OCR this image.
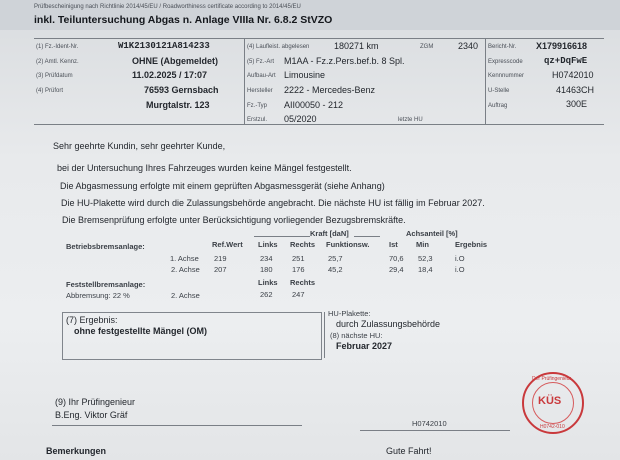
Prüfbescheinigung nach Richtlinie 2014/45/EU / Roadworthiness certificate according to 2014/45/EU
inkl. Teiluntersuchung Abgas n. Anlage VIIIa Nr. 6.8.2 StVZO
(1) Fz.-Ident-Nr.	W1K2130121A814233
(2) Amtl. Kennz.	OHNE (Abgemeldet)
(3) Prüfdatum	11.02.2025 / 17:07
(4) Prüfort	76593 Gernsbach
Murgtalstr. 123
(4) Laufleist. abgelesen	180271 km	ZGM	2340
(5) Fz.-Art M1AA - Fz.z.Pers.bef.b. 8 Spl.
Aufbau-Art Limousine
Hersteller 2222 - Mercedes-Benz
Fz.-Typ AII00050 - 212
Erstzul. 05/2020	letzte HU
Bericht-Nr. X179916618
Expresscode qz+DqFwE
Kennnummer	H0742010
U-Stelle	41463CH
Auftrag	300E
Sehr geehrte Kundin, sehr geehrter Kunde,
bei der Untersuchung Ihres Fahrzeuges wurden keine Mängel festgestellt.
Die Abgasmessung erfolgte mit einem geprüften Abgasmessgerät (siehe Anhang)
Die HU-Plakette wird durch die Zulassungsbehörde angebracht. Die nächste HU ist fällig im Februar 2027.
Die Bremsenprüfung erfolgte unter Berücksichtigung vorliegender Bezugsbremskräfte.
Kraft [daN]	Achsanteil [%]
Betriebsbremsanlage:	Ref.Wert Links Rechts Funktionsw.	Ist Min	Ergebnis
1. Achse 219	234	251	25,7	70,6 52,3	i.O
2. Achse 207	180	176	45,2	29,4 18,4	i.O
Feststellbremsanlage:	Links Rechts
Abbremsung: 22 %	2. Achse	262	247
(7) Ergebnis:
ohne festgestellte Mängel (OM)
HU-Plakette:
durch Zulassungsbehörde
(8) nächste HU:
Februar 2027
(9) Ihr Prüfingenieur
B.Eng. Viktor Gräf
H0742010
Der Prüfingenieur
KÜS
H0742-010
Bemerkungen	Gute Fahrt!
